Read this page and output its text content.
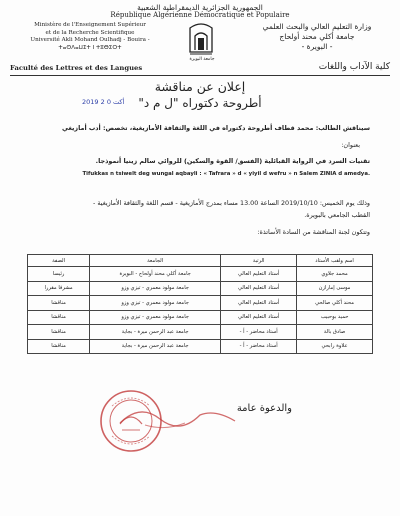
الجمهورية الجزائرية الديمقراطية الشعبية
République Algérienne Démocratique et Populaire
Ministère de l'Enseignement Supérieur
et de la Recherche Scientifique
Université Akli Mohand Oulhadj - Bouira -
ⵜⴰⵙⴷⴰⵡⵉⵜ ⵏ ⵜⵓⴱⵉⵔⵜ
جامعة البويرة
وزارة التعليم العالي والبحث العلمي
جامعة أكلي محند أولحاج
- البويرة -
Faculté des Lettres et des Langues	كلية الآداب واللغات
إعلان عن مناقشة
أطروحة دكتوراه "ل م د"
2019 أكت 0 2
سيناقش الطالب: محمد قطاف أطروحة دكتوراه في اللغة والثقافة الأمازيغية، تخصص: أدب أمازيغي
بعنوان:
تقنيات السرد في الرواية القبائلية (الفسق/ القوة والسكين) للروائي سالم زينيا أنموذجا.
Tifukkas n tsiwelt deg wungal aqbayli : « Tafrara » d « yiyil d wefru » n Salem ZINIA d amedya.
وذلك يوم الخميس: 2019/10/10 الساعة 13.00 مساء بمدرج الأمازيغية - قسم اللغة والثقافة الأمازيغية -
القطب الجامعي بالبويرة.
وتتكون لجنة المناقشة من السادة الأساتذة:
اسم ولقب الأستاذ	الرتبة	الجامعة	الصفة
محمد جلاوي	أستاذ التعليم العالي	جامعة أكلي محند أولحاج - البويرة	رئيسا
موسى إمارازن	أستاذ التعليم العالي	جامعة مولود معمري - تيزي وزو	مشرفا مقررا
محند أكلي صالحي	أستاذ التعليم العالي	جامعة مولود معمري - تيزي وزو	مناقشا
حميد بوحبيب	أستاذ التعليم العالي	جامعة مولود معمري - تيزي وزو	مناقشا
صادق بالة	أستاذ محاضر - أ -	جامعة عبد الرحمن ميرة - بجاية	مناقشا
علاوة رابحي	أستاذ محاضر - أ -	جامعة عبد الرحمن ميرة - بجاية	مناقشا
والدعوة عامة
